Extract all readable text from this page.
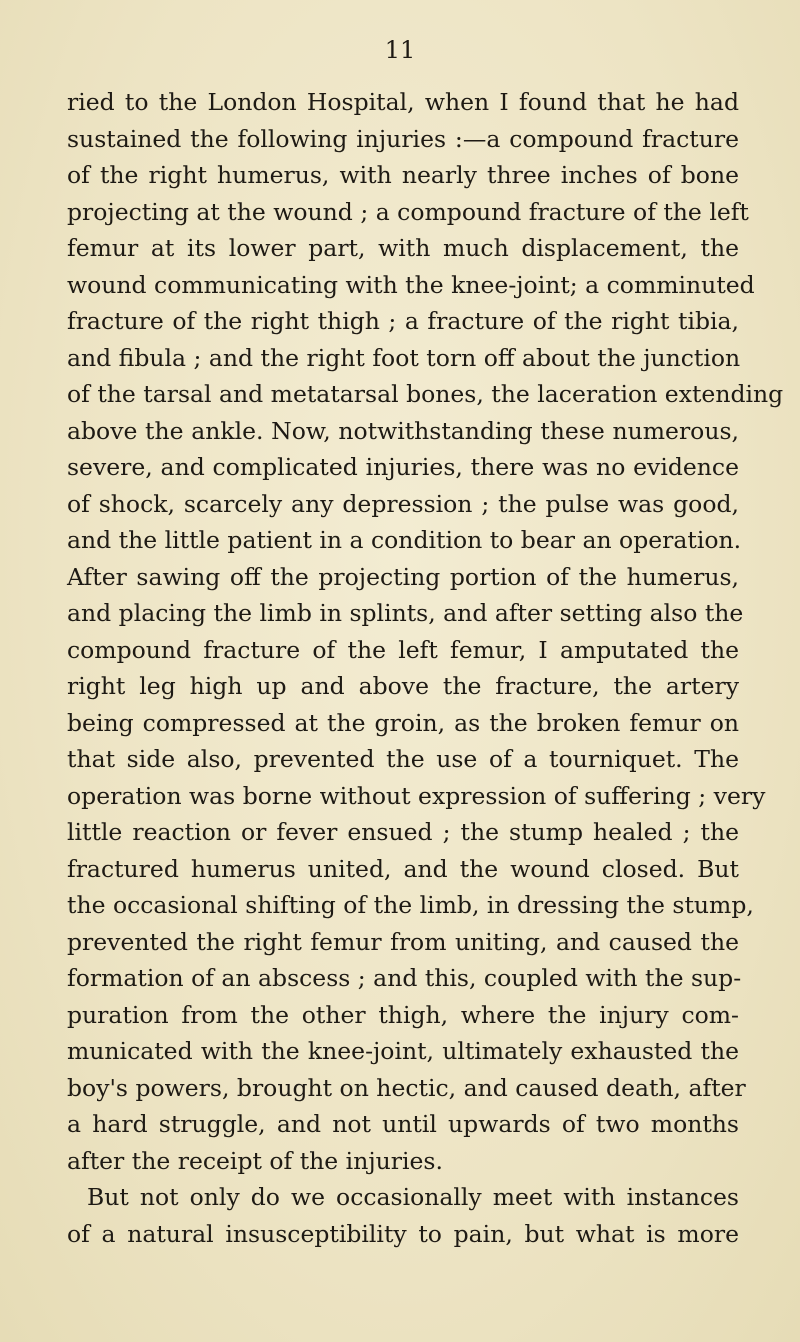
11
ried to the London Hospital, when I found that he had
sustained the following injuries :—a compound fracture
of the right humerus, with nearly three inches of bone
projecting at the wound ; a compound fracture of the left
femur at its lower part, with much displacement, the
wound communicating with the knee-joint; a comminuted
fracture of the right thigh ; a fracture of the right tibia,
and fibula ; and the right foot torn off about the junction
of the tarsal and metatarsal bones, the laceration extending
above the ankle. Now, notwithstanding these numerous,
severe, and complicated injuries, there was no evidence
of shock, scarcely any depression ; the pulse was good,
and the little patient in a condition to bear an operation.
After sawing off the projecting portion of the humerus,
and placing the limb in splints, and after setting also the
compound fracture of the left femur, I amputated the
right leg high up and above the fracture, the artery
being compressed at the groin, as the broken femur on
that side also, prevented the use of a tourniquet. The
operation was borne without expression of suffering ; very
little reaction or fever ensued ; the stump healed ; the
fractured humerus united, and the wound closed. But
the occasional shifting of the limb, in dressing the stump,
prevented the right femur from uniting, and caused the
formation of an abscess ; and this, coupled with the sup-
puration from the other thigh, where the injury com-
municated with the knee-joint, ultimately exhausted the
boy's powers, brought on hectic, and caused death, after
a hard struggle, and not until upwards of two months
after the receipt of the injuries.
But not only do we occasionally meet with instances
of a natural insusceptibility to pain, but what is more
